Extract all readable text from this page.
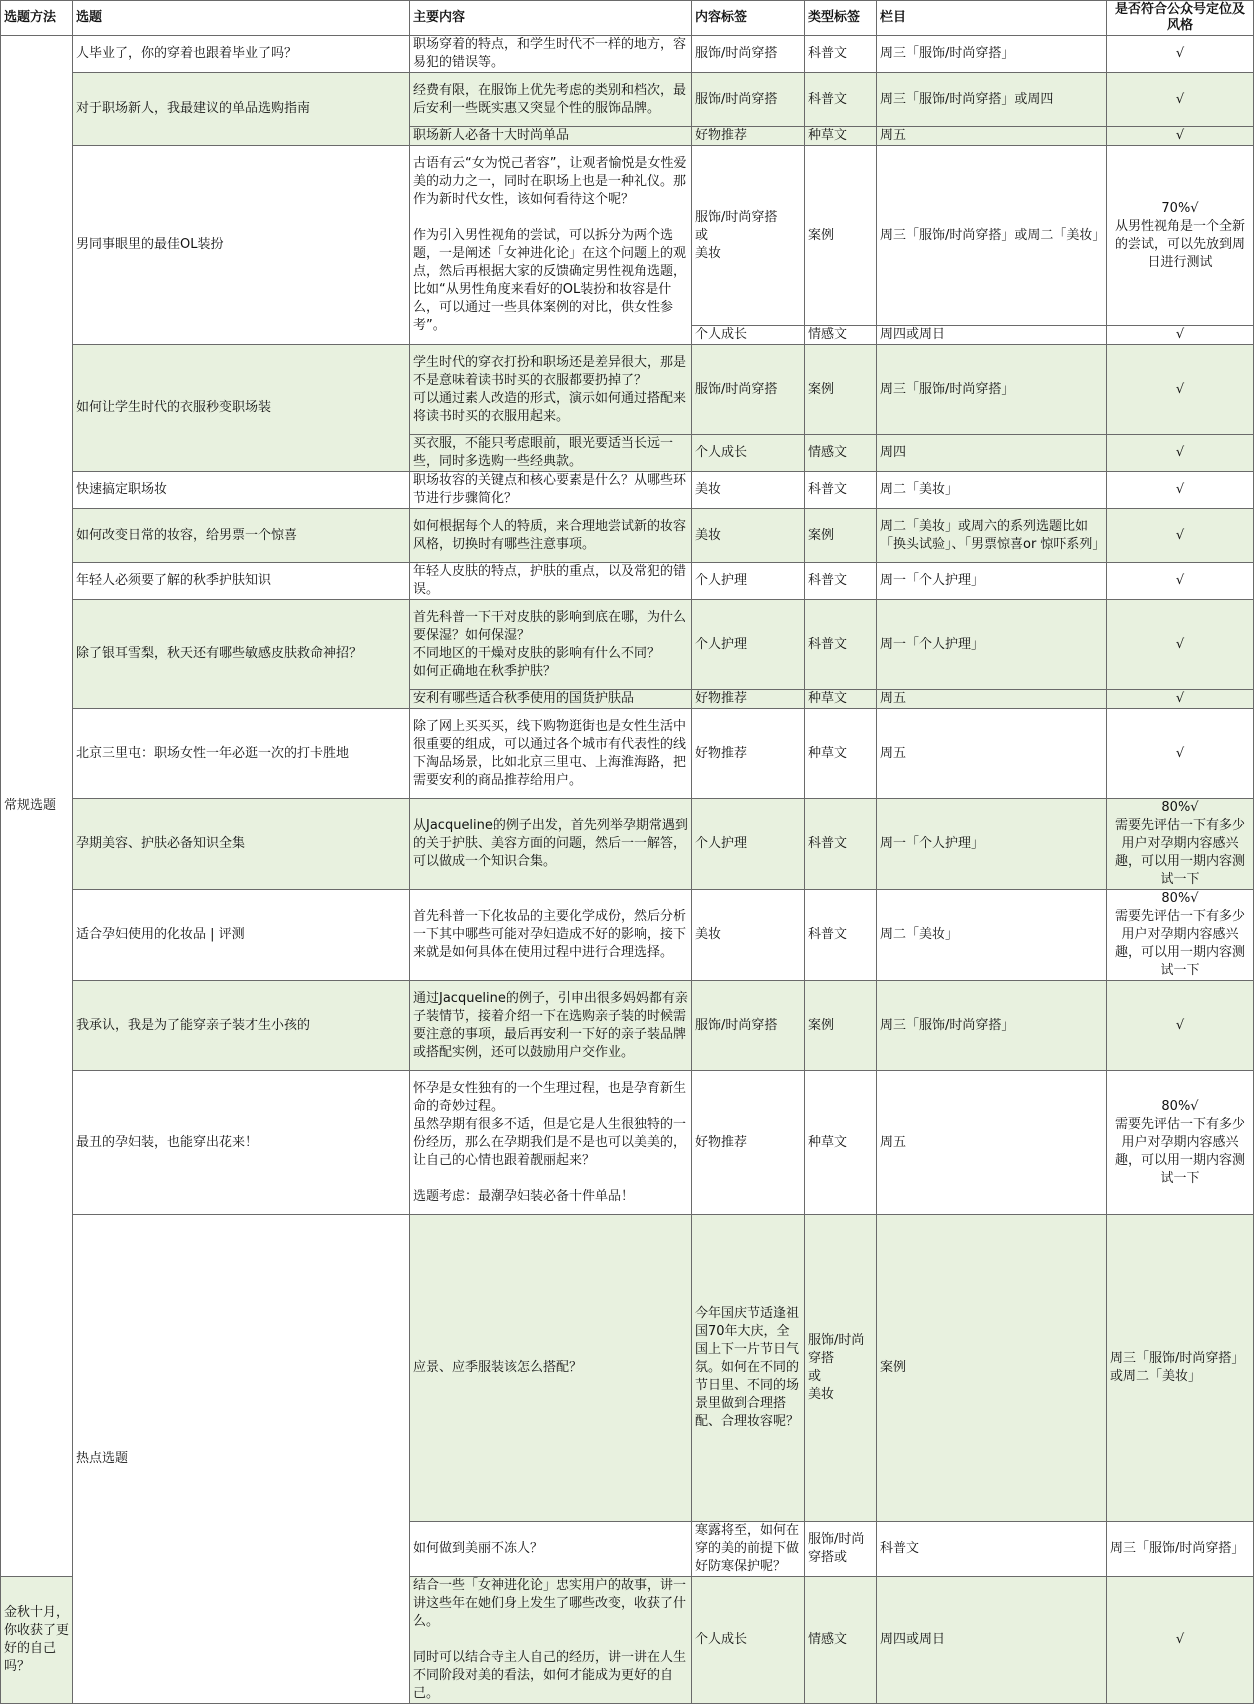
选题方法	选题	主要内容	内容标签	类型标签	栏目	是否符合公众号定位及风格	
常规选题	人毕业了，你的穿着也跟着毕业了吗？	职场穿着的特点，和学生时代不一样的地方，容易犯的错误等。	服饰/时尚穿搭	科普文	周三「服饰/时尚穿搭」	√	
	对于职场新人，我最建议的单品选购指南	经费有限，在服饰上优先考虑的类别和档次，最后安利一些既实惠又突显个性的服饰品牌。	服饰/时尚穿搭	科普文	周三「服饰/时尚穿搭」或周四	√	
		职场新人必备十大时尚单品	好物推荐	种草文	周五	√	
	男同事眼里的最佳OL装扮	古语有云“女为悦己者容”，让观者愉悦是女性爱美的动力之一，同时在职场上也是一种礼仪。那作为新时代女性，该如何看待这个呢？

作为引入男性视角的尝试，可以拆分为两个选题，一是阐述「女神进化论」在这个问题上的观点，然后再根据大家的反馈确定男性视角选题，比如“从男性角度来看好的OL装扮和妆容是什么，可以通过一些具体案例的对比，供女性参考”。	服饰/时尚穿搭
或
美妆	案例	周三「服饰/时尚穿搭」或周二「美妆」	70%√
从男性视角是一个全新的尝试，可以先放到周日进行测试	
			个人成长	情感文	周四或周日	√	
	如何让学生时代的衣服秒变职场装	学生时代的穿衣打扮和职场还是差异很大，那是不是意味着读书时买的衣服都要扔掉了？
可以通过素人改造的形式，演示如何通过搭配来将读书时买的衣服用起来。	服饰/时尚穿搭	案例	周三「服饰/时尚穿搭」	√	
		买衣服，不能只考虑眼前，眼光要适当长远一些，同时多选购一些经典款。	个人成长	情感文	周四	√	
	快速搞定职场妆	职场妆容的关键点和核心要素是什么？从哪些环节进行步骤简化？	美妆	科普文	周二「美妆」	√	
	如何改变日常的妆容，给男票一个惊喜	如何根据每个人的特质，来合理地尝试新的妆容风格，切换时有哪些注意事项。	美妆	案例	周二「美妆」或周六的系列选题比如「换头试验」、「男票惊喜or 惊吓系列」	√	
	年轻人必须要了解的秋季护肤知识	年轻人皮肤的特点，护肤的重点，以及常犯的错误。	个人护理	科普文	周一「个人护理」	√	
	除了银耳雪梨，秋天还有哪些敏感皮肤救命神招？	首先科普一下干对皮肤的影响到底在哪，为什么要保湿？如何保湿？
不同地区的干燥对皮肤的影响有什么不同？
如何正确地在秋季护肤？	个人护理	科普文	周一「个人护理」	√	
		安利有哪些适合秋季使用的国货护肤品	好物推荐	种草文	周五	√	
	北京三里屯：职场女性一年必逛一次的打卡胜地	除了网上买买买，线下购物逛街也是女性生活中很重要的组成，可以通过各个城市有代表性的线下淘品场景，比如北京三里屯、上海淮海路，把需要安利的商品推荐给用户。	好物推荐	种草文	周五	√	
	孕期美容、护肤必备知识全集	从Jacqueline的例子出发，首先列举孕期常遇到的关于护肤、美容方面的问题，然后一一解答，可以做成一个知识合集。	个人护理	科普文	周一「个人护理」	80%√
需要先评估一下有多少用户对孕期内容感兴趣，可以用一期内容测试一下	
	适合孕妇使用的化妆品 | 评测	首先科普一下化妆品的主要化学成份，然后分析一下其中哪些可能对孕妇造成不好的影响，接下来就是如何具体在使用过程中进行合理选择。	美妆	科普文	周二「美妆」	80%√
需要先评估一下有多少用户对孕期内容感兴趣，可以用一期内容测试一下	
	我承认，我是为了能穿亲子装才生小孩的	通过Jacqueline的例子，引申出很多妈妈都有亲子装情节，接着介绍一下在选购亲子装的时候需要注意的事项，最后再安利一下好的亲子装品牌或搭配实例，还可以鼓励用户交作业。	服饰/时尚穿搭	案例	周三「服饰/时尚穿搭」	√	
	最丑的孕妇装，也能穿出花来！	怀孕是女性独有的一个生理过程，也是孕育新生命的奇妙过程。
虽然孕期有很多不适，但是它是人生很独特的一份经历，那么在孕期我们是不是也可以美美的，让自己的心情也跟着靓丽起来？

选题考虑：最潮孕妇装必备十件单品！	好物推荐	种草文	周五	80%√
需要先评估一下有多少用户对孕期内容感兴趣，可以用一期内容测试一下	
	热点选题	应景、应季服装该怎么搭配？	今年国庆节适逢祖国70年大庆，全国上下一片节日气氛。如何在不同的节日里、不同的场景里做到合理搭配、合理妆容呢？	服饰/时尚穿搭
或
美妆	案例	周三「服饰/时尚穿搭」或周二「美妆」	
		如何做到美丽不冻人？	寒露将至，如何在穿的美的前提下做好防寒保护呢？	服饰/时尚穿搭或	科普文	周三「服饰/时尚穿搭」	
金秋十月，你收获了更好的自己吗？		结合一些「女神进化论」忠实用户的故事，讲一讲这些年在她们身上发生了哪些改变，收获了什么。

同时可以结合寺主人自己的经历，讲一讲在人生不同阶段对美的看法，如何才能成为更好的自己。	个人成长	情感文	周四或周日	√	
